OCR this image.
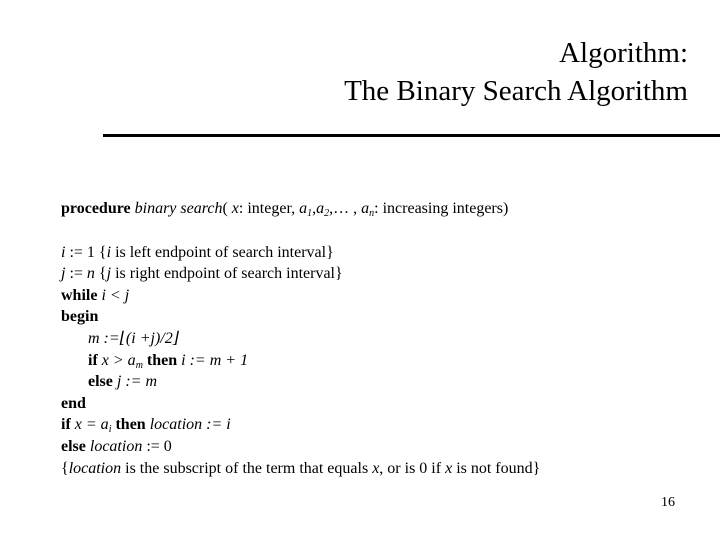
Algorithm:
The Binary Search Algorithm
procedure binary search( x: integer, $a_1,a_2,\dots$ , $a_n$: increasing integers)
i := 1 {i is left endpoint of search interval}
j := n {j is right endpoint of search interval}
while i < j
begin
m :=⌊(i +j)/2⌋
if $x > a_m$ then i := m + 1
else j := m
end
if $x = a_i$ then location := i
else location := 0
{location is the subscript of the term that equals x, or is 0 if x is not found}
16
